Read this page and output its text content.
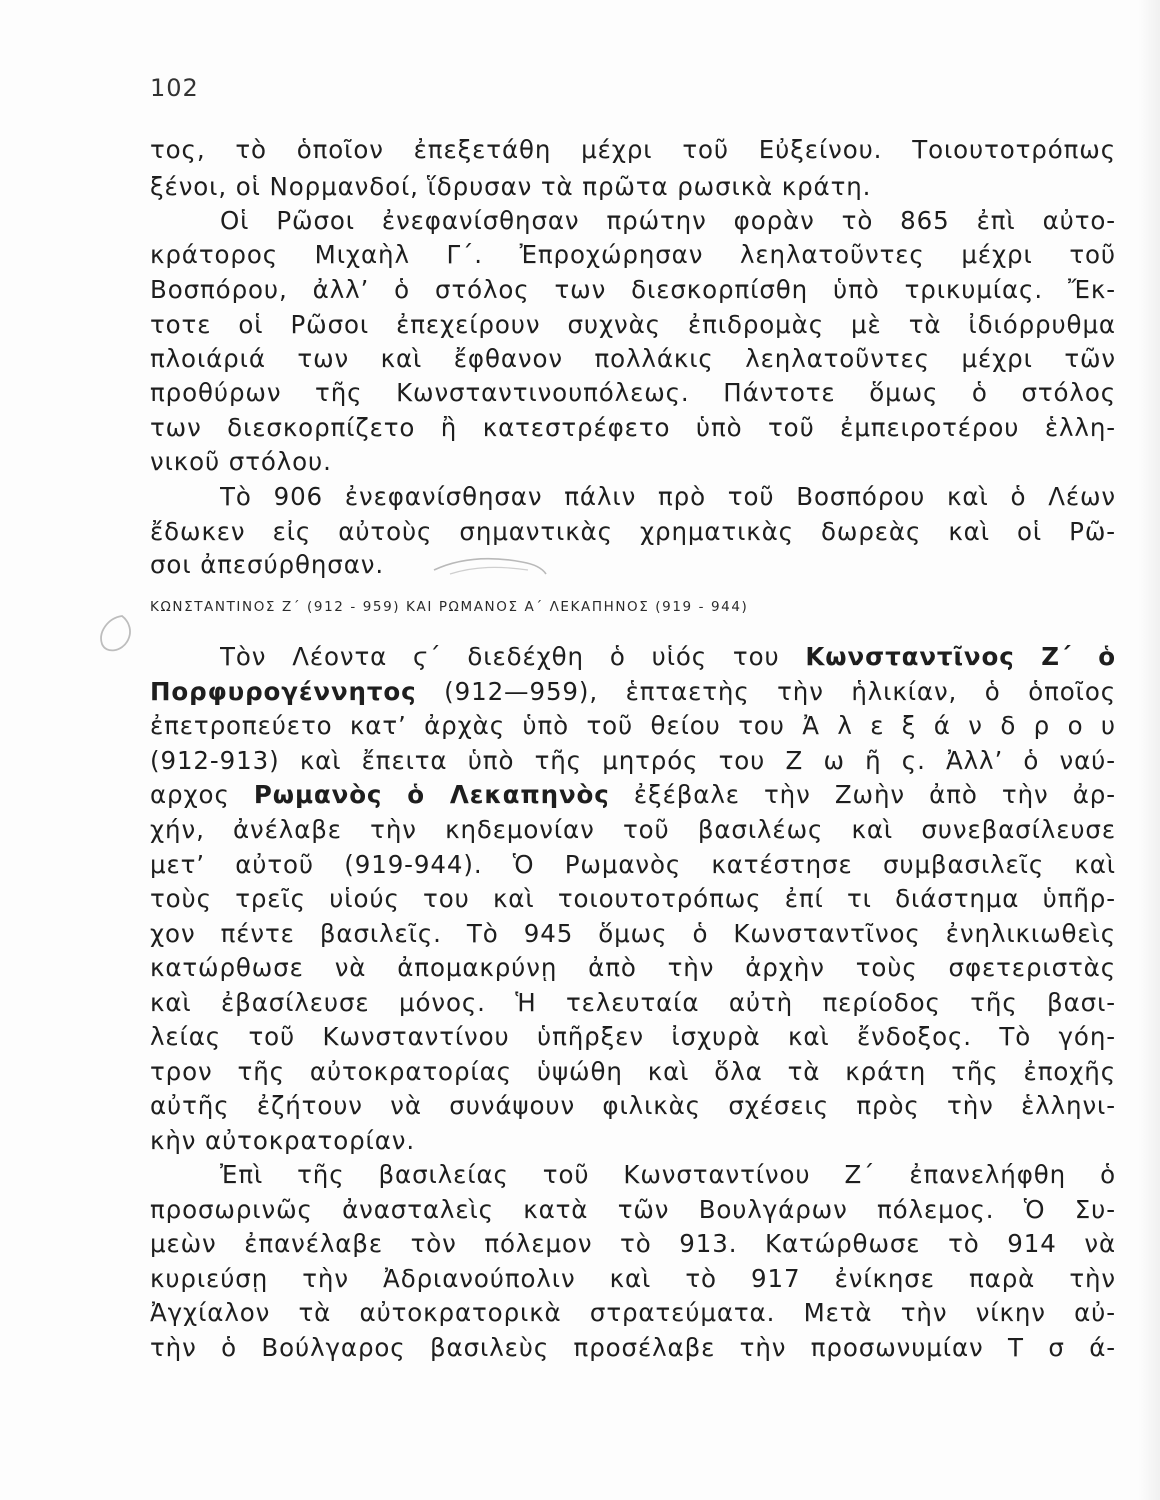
102
τος, τὸ ὁποῖον ἐπεξετάθη μέχρι τοῦ Εὐξείνου. Τοιουτοτρόπως
ξένοι, οἱ Νορμανδοί, ἵδρυσαν τὰ πρῶτα ρωσικὰ κράτη.
Οἱ Ρῶσοι ἐνεφανίσθησαν πρώτην φορὰν τὸ 865 ἐπὶ αὐτο-
κράτορος Μιχαὴλ Γ΄. Ἐπροχώρησαν λεηλατοῦντες μέχρι τοῦ
Βοσπόρου, ἀλλ’ ὁ στόλος των διεσκορπίσθη ὑπὸ τρικυμίας. Ἔκ-
τοτε οἱ Ρῶσοι ἐπεχείρουν συχνὰς ἐπιδρομὰς μὲ τὰ ἰδιόρρυθμα
πλοιάριά των καὶ ἔφθανον πολλάκις λεηλατοῦντες μέχρι τῶν
προθύρων τῆς Κωνσταντινουπόλεως. Πάντοτε ὅμως ὁ στόλος
των διεσκορπίζετο ἢ κατεστρέφετο ὑπὸ τοῦ ἐμπειροτέρου ἑλλη-
νικοῦ στόλου.
Τὸ 906 ἐνεφανίσθησαν πάλιν πρὸ τοῦ Βοσπόρου καὶ ὁ Λέων
ἔδωκεν εἰς αὐτοὺς σημαντικὰς χρηματικὰς δωρεὰς καὶ οἱ Ρῶ-
σοι ἀπεσύρθησαν.
ΚΩΝΣΤΑΝΤΙΝΟΣ Ζ΄ (912 - 959) ΚΑΙ ΡΩΜΑΝΟΣ Α΄ ΛΕΚΑΠΗΝΟΣ (919 - 944)
Τὸν Λέοντα ϛ΄ διεδέχθη ὁ υἱός του Κωνσταντῖνος Ζ΄ ὁ
Πορφυρογέννητος (912—959), ἑπταετὴς τὴν ἡλικίαν, ὁ ὁποῖος
ἐπετροπεύετο κατ’ ἀρχὰς ὑπὸ τοῦ θείου του Ἀ λ ε ξ ά ν δ ρ ο υ
(912-913) καὶ ἔπειτα ὑπὸ τῆς μητρός του Ζ ω ῆ ς. Ἀλλ’ ὁ ναύ-
αρχος Ρωμανὸς ὁ Λεκαπηνὸς ἐξέβαλε τὴν Ζωὴν ἀπὸ τὴν ἀρ-
χήν, ἀνέλαβε τὴν κηδεμονίαν τοῦ βασιλέως καὶ συνεβασίλευσε
μετ’ αὐτοῦ (919-944). Ὁ Ρωμανὸς κατέστησε συμβασιλεῖς καὶ
τοὺς τρεῖς υἱούς του καὶ τοιουτοτρόπως ἐπί τι διάστημα ὑπῆρ-
χον πέντε βασιλεῖς. Τὸ 945 ὅμως ὁ Κωνσταντῖνος ἐνηλικιωθεὶς
κατώρθωσε νὰ ἀπομακρύνῃ ἀπὸ τὴν ἀρχὴν τοὺς σφετεριστὰς
καὶ ἐβασίλευσε μόνος. Ἡ τελευταία αὐτὴ περίοδος τῆς βασι-
λείας τοῦ Κωνσταντίνου ὑπῆρξεν ἰσχυρὰ καὶ ἔνδοξος. Τὸ γόη-
τρον τῆς αὐτοκρατορίας ὑψώθη καὶ ὅλα τὰ κράτη τῆς ἐποχῆς
αὐτῆς ἐζήτουν νὰ συνάψουν φιλικὰς σχέσεις πρὸς τὴν ἑλληνι-
κὴν αὐτοκρατορίαν.
Ἐπὶ τῆς βασιλείας τοῦ Κωνσταντίνου Ζ΄ ἐπανελήφθη ὁ
προσωρινῶς ἀνασταλεὶς κατὰ τῶν Βουλγάρων πόλεμος. Ὁ Συ-
μεὼν ἐπανέλαβε τὸν πόλεμον τὸ 913. Κατώρθωσε τὸ 914 νὰ
κυριεύσῃ τὴν Ἀδριανούπολιν καὶ τὸ 917 ἐνίκησε παρὰ τὴν
Ἀγχίαλον τὰ αὐτοκρατορικὰ στρατεύματα. Μετὰ τὴν νίκην αὐ-
τὴν ὁ Βούλγαρος βασιλεὺς προσέλαβε τὴν προσωνυμίαν Τ σ ά-
